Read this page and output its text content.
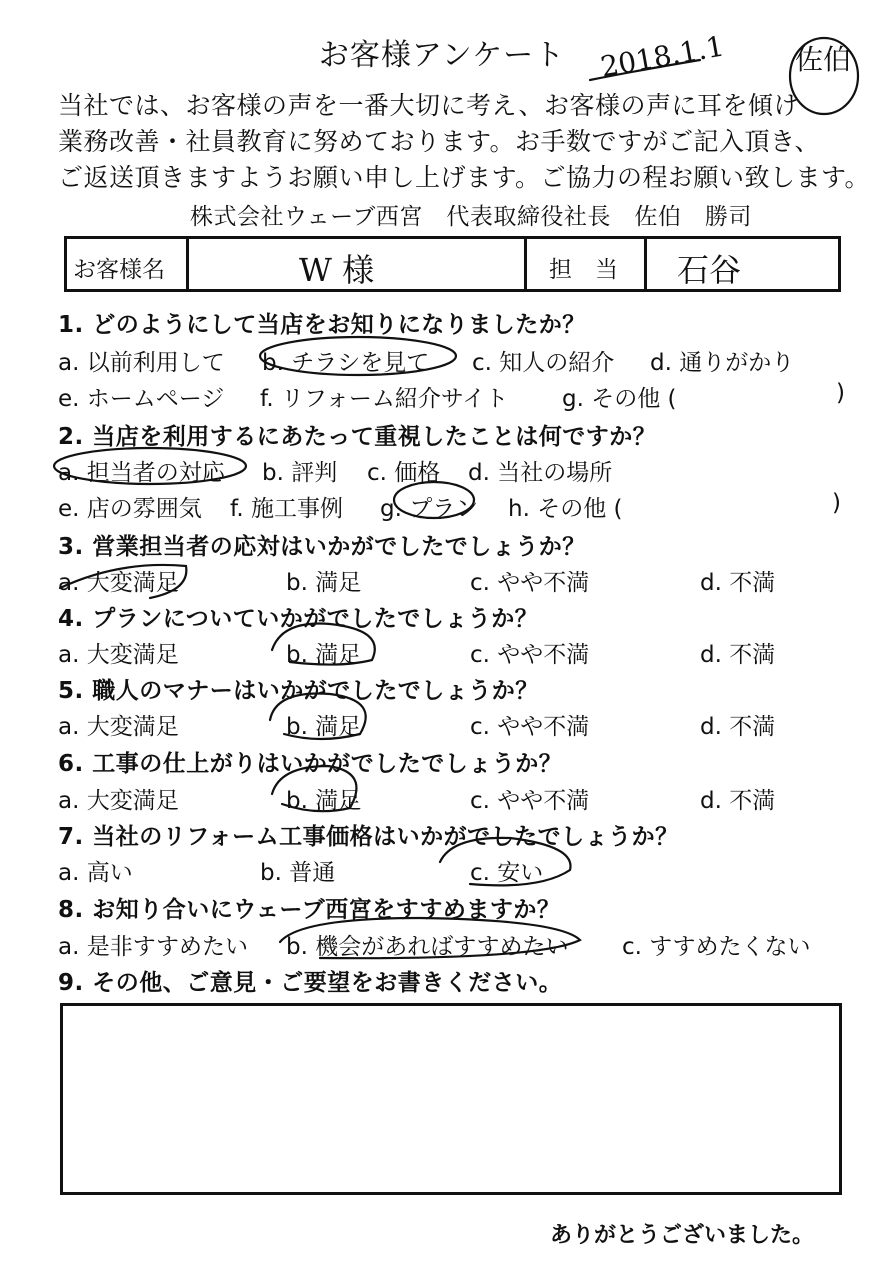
お客様アンケート	2018.1.1 佐伯
当社では、お客様の声を一番大切に考え、お客様の声に耳を傾け
業務改善・社員教育に努めております。お手数ですがご記入頂き、
ご返送頂きますようお願い申し上げます。ご協力の程お願い致します。
株式会社ウェーブ西宮　代表取締役社長　佐伯　勝司
お客様名	W 様	担　当 石谷
1. どのようにして当店をお知りになりましたか？
a. 以前利用して b. チラシを見て c. 知人の紹介 d. 通りがかり
e. ホームページ f. リフォーム紹介サイト g. その他 (	)
2. 当店を利用するにあたって重視したことは何ですか？
a. 担当者の対応 b. 評判 c. 価格 d. 当社の場所
e. 店の雰囲気 f. 施工事例 g. プラン h. その他 (	)
3. 営業担当者の応対はいかがでしたでしょうか？
a. 大変満足	b. 満足	c. やや不満	d. 不満
4. プランについていかがでしたでしょうか？
a. 大変満足	b. 満足	c. やや不満	d. 不満
5. 職人のマナーはいかがでしたでしょうか？
a. 大変満足	b. 満足	c. やや不満	d. 不満
6. 工事の仕上がりはいかがでしたでしょうか？
a. 大変満足	b. 満足	c. やや不満	d. 不満
7. 当社のリフォーム工事価格はいかがでしたでしょうか？
a. 高い	b. 普通	c. 安い
8. お知り合いにウェーブ西宮をすすめますか？
a. 是非すすめたい b. 機会があればすすめたい c. すすめたくない
9. その他、ご意見・ご要望をお書きください。
ありがとうございました。
